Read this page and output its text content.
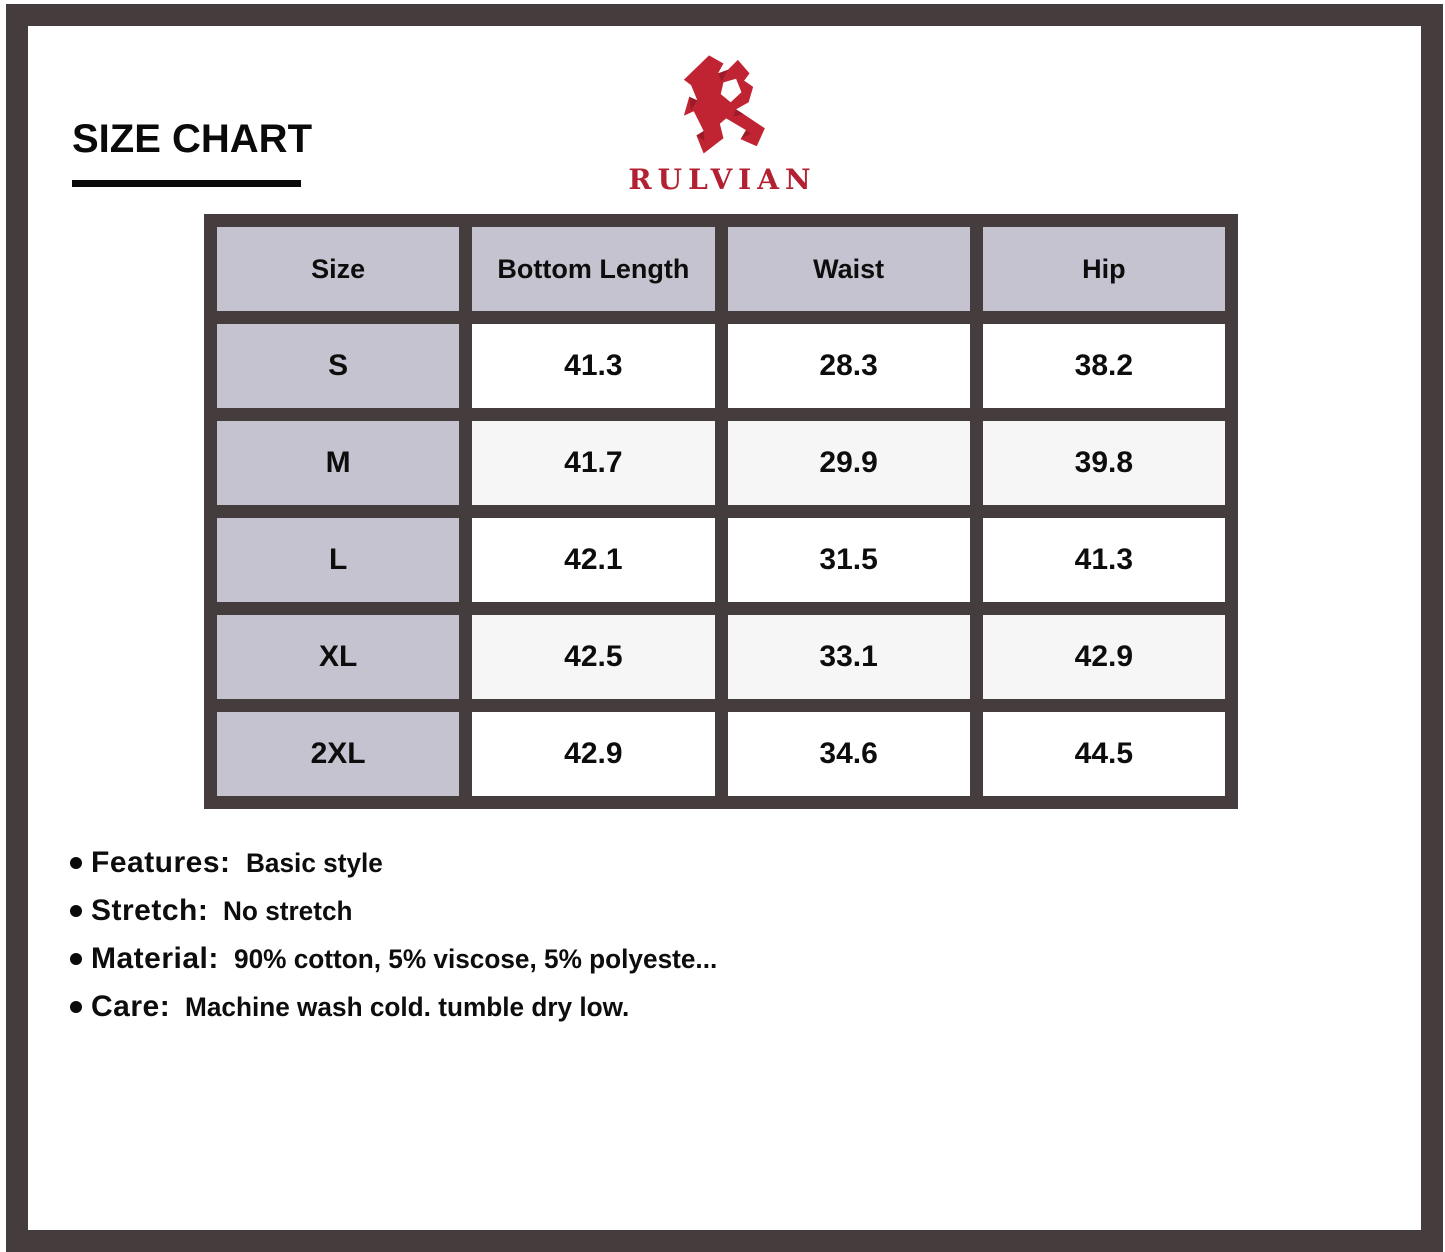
SIZE CHART
RULVIAN
Size	Bottom Length	Waist	Hip
S	41.3	28.3	38.2
M	41.7	29.9	39.8
L	42.1	31.5	41.3
XL	42.5	33.1	42.9
2XL	42.9	34.6	44.5
Features: Basic style
Stretch: No stretch
Material: 90% cotton, 5% viscose, 5% polyeste...
Care: Machine wash cold. tumble dry low.
